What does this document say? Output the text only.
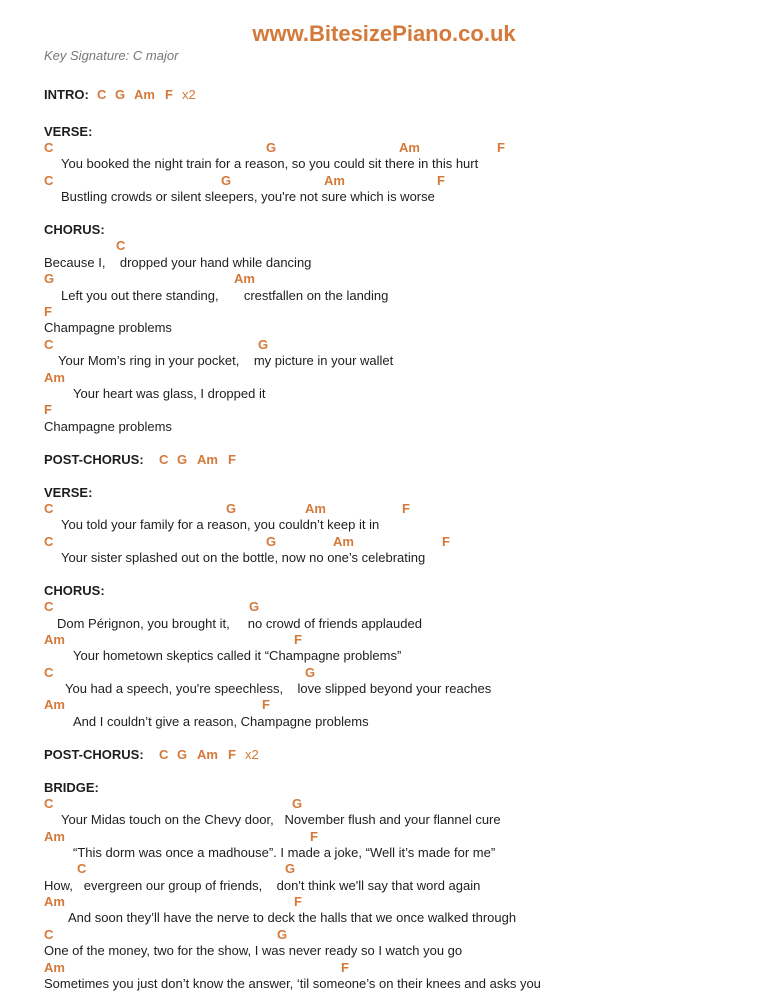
www.BitesizePiano.co.uk
Key Signature: C major
INTRO: C G Am F x2
VERSE:
C	G	Am	F
You booked the night train for a reason, so you could sit there in this hurt
C	G	Am	F
Bustling crowds or silent sleepers, you're not sure which is worse
CHORUS:
C
Because I,    dropped your hand while dancing
G	Am
Left you out there standing,       crestfallen on the landing
F
Champagne problems
C	G
Your Mom’s ring in your pocket,    my picture in your wallet
Am
Your heart was glass, I dropped it
F
Champagne problems
POST-CHORUS: C G Am F
VERSE:
C	G	Am	F
You told your family for a reason, you couldn’t keep it in
C	G	Am	F
Your sister splashed out on the bottle, now no one’s celebrating
CHORUS:
C	G
Dom Pérignon, you brought it,     no crowd of friends applauded
Am	F
Your hometown skeptics called it “Champagne problems”
C	G
You had a speech, you're speechless,    love slipped beyond your reaches
Am	F
And I couldn’t give a reason, Champagne problems
POST-CHORUS: C G Am F x2
BRIDGE:
C	G
Your Midas touch on the Chevy door,   November flush and your flannel cure
Am	F
“This dorm was once a madhouse”. I made a joke, “Well it’s made for me”
C	G
How,   evergreen our group of friends,    don't think we'll say that word again
Am	F
And soon they’ll have the nerve to deck the halls that we once walked through
C	G
One of the money, two for the show, I was never ready so I watch you go
Am	F
Sometimes you just don’t know the answer, ‘til someone’s on their knees and asks you
